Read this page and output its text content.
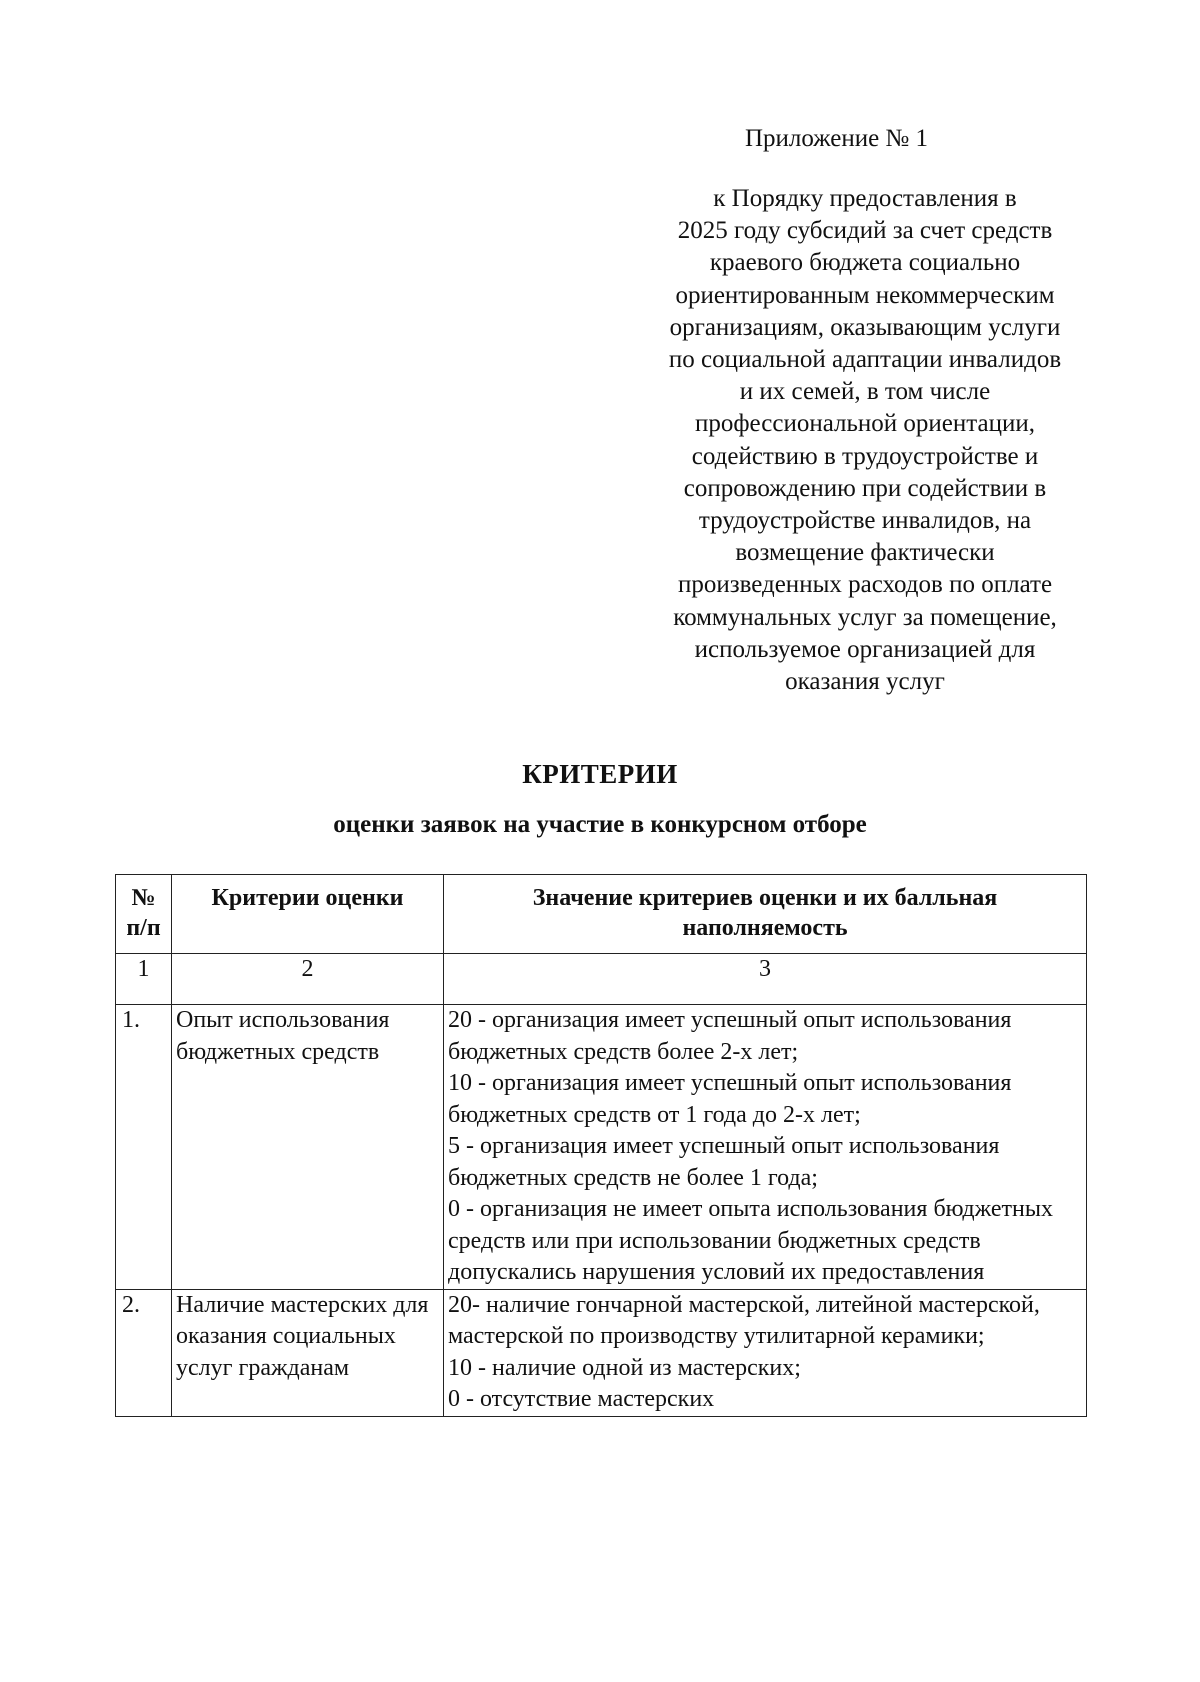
Приложение № 1
к Порядку предоставления в
2025 году субсидий за счет средств
краевого бюджета социально
ориентированным некоммерческим
организациям, оказывающим услуги
по социальной адаптации инвалидов
и их семей, в том числе
профессиональной ориентации,
содействию в трудоустройстве и
сопровождению при содействии в
трудоустройстве инвалидов, на
возмещение фактически
произведенных расходов по оплате
коммунальных услуг за помещение,
используемое организацией для
оказания услуг
КРИТЕРИИ
оценки заявок на участие в конкурсном отборе
№ п/п	Критерии оценки	Значение критериев оценки и их балльная наполняемость
1	2	3
1.	Опыт использования бюджетных средств	20 - организация имеет успешный опыт использования бюджетных средств более 2-х лет;
10 - организация имеет успешный опыт использования бюджетных средств от 1 года до 2-х лет;
5 - организация имеет успешный опыт использования бюджетных средств не более 1 года;
0 - организация не имеет опыта использования бюджетных средств или при использовании бюджетных средств допускались нарушения условий их предоставления

2.	Наличие мастерских для оказания социальных услуг гражданам	20- наличие гончарной мастерской, литейной мастерской, мастерской по производству утилитарной керамики;
10 - наличие одной из мастерских;
0 - отсутствие мастерских
